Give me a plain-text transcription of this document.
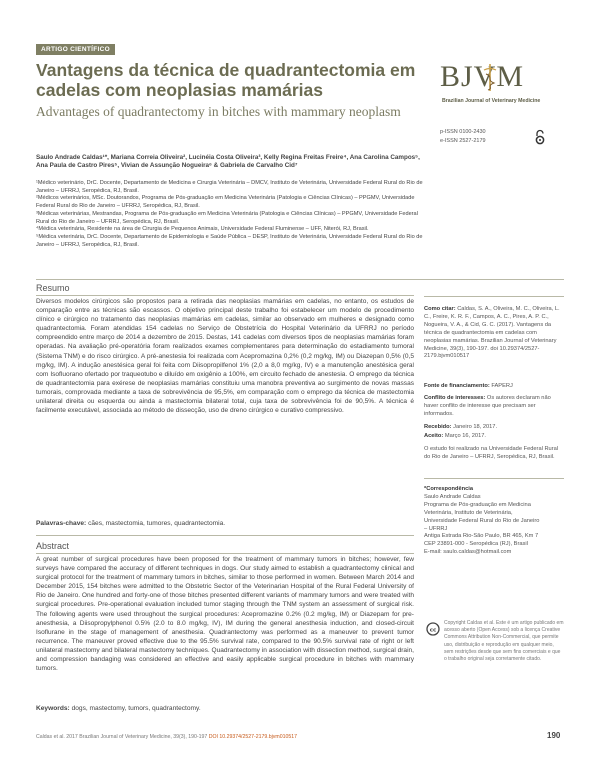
ARTIGO CIENTÍFICO
Vantagens da técnica de quadrantectomia em cadelas com neoplasias mamárias
Advantages of quadrantectomy in bitches with mammary neoplasm
BJVM
Brazilian Journal of Veterinary Medicine
p-ISSN 0100-2430
e-ISSN 2527-2179
Saulo Andrade Caldas¹*, Mariana Correia Oliveira², Lucinéia Costa Oliveira³, Kelly Regina Freitas Freire⁴, Ana Carolina Campos⁵, Ana Paula de Castro Pires⁵, Vivian de Assunção Nogueira⁶ & Gabriela de Carvalho Cid⁷

¹Médico veterinário, DrC. Docente, Departamento de Medicina e Cirurgia Veterinária – DMCV, Instituto de Veterinária, Universidade Federal Rural do Rio de Janeiro – UFRRJ, Seropédica, RJ, Brasil.

²Médicos veterinários, MSc. Doutorandos, Programa de Pós-graduação em Medicina Veterinária (Patologia e Ciências Clínicas) – PPGMV, Universidade Federal Rural do Rio de Janeiro – UFRRJ, Seropédica, RJ, Brasil.

³Médicas veterinárias, Mestrandas, Programa de Pós-graduação em Medicina Veterinária (Patologia e Ciências Clínicas) – PPGMV, Universidade Federal Rural do Rio de Janeiro – UFRRJ, Seropédica, RJ, Brasil.

⁴Médica veterinária, Residente na área de Cirurgia de Pequenos Animais, Universidade Federal Fluminense – UFF, Niterói, RJ, Brasil.

⁵Médica veterinária, DrC. Docente, Departamento de Epidemiologia e Saúde Pública – DESP, Instituto de Veterinária, Universidade Federal Rural do Rio de Janeiro – UFRRJ, Seropédica, RJ, Brasil.

Resumo
Diversos modelos cirúrgicos são propostos para a retirada das neoplasias mamárias em cadelas, no entanto, os estudos de comparação entre as técnicas são escassos. O objetivo principal deste trabalho foi estabelecer um modelo de procedimento clínico e cirúrgico no tratamento das neoplasias mamárias em cadelas, similar ao observado em mulheres e designado como quadrantectomia. Foram atendidas 154 cadelas no Serviço de Obstetrícia do Hospital Veterinário da UFRRJ no período compreendido entre março de 2014 a dezembro de 2015. Destas, 141 cadelas com diversos tipos de neoplasias mamárias foram operadas. Na avaliação pré-operatória foram realizados exames complementares para determinação do estadiamento tumoral (Sistema TNM) e do risco cirúrgico. A pré-anestesia foi realizada com Acepromazina 0,2% (0,2 mg/kg, IM) ou Diazepan 0,5% (0,5 mg/kg, IM). A indução anestésica geral foi feita com Diisopropilfenol 1% (2,0 a 8,0 mg/kg, IV) e a manutenção anestésica geral com Isofluorano ofertado por traqueotubo e diluído em oxigênio a 100%, em circuito fechado de anestesia. O emprego da técnica de quadrantectomia para exérese de neoplasias mamárias constituiu uma manobra preventiva ao surgimento de novas massas tumorais, comprovada mediante a taxa de sobrevivência de 95,5%, em comparação com o emprego da técnica de mastectomia unilateral direita ou esquerda ou ainda a mastectomia bilateral total, cuja taxa de sobrevivência foi de 90,5%. A técnica é facilmente executável, associada ao método de dissecção, uso de dreno cirúrgico e curativo compressivo.
Palavras-chave: cães, mastectomia, tumores, quadrantectomia.
Abstract
A great number of surgical procedures have been proposed for the treatment of mammary tumors in bitches; however, few surveys have compared the accuracy of different techniques in dogs. Our study aimed to establish a quadrantectomy clinical and surgical protocol for the treatment of mammary tumors in bitches, similar to those performed in women. Between March 2014 and December 2015, 154 bitches were admitted to the Obstetric Sector of the Veterinarian Hospital of the Rural Federal University of Rio de Janeiro. One hundred and forty-one of those bitches presented different variants of mammary tumors and were treated with surgical procedures. Pre-operational evaluation included tumor staging through the TNM system an assessment of surgical risk. The following agents were used throughout the surgical procedures: Acepromazine 0.2% (0.2 mg/kg, IM) or Diazepam for pre-anesthesia, a Diisopropylphenol 0.5% (2.0 to 8.0 mg/kg, IV), IM during the general anesthesia induction, and closed-circuit Isoflurane in the stage of management of anesthesia. Quadrantectomy was performed as a maneuver to prevent tumor recurrence. The maneuver proved effective due to the 95.5% survival rate, compared to the 90.5% survival rate of right or left unilateral mastectomy and bilateral mastectomy techniques. Quadrantectomy in association with dissection method, surgical drain, and compression bandaging was considered an effective and easily applicable surgical procedure in bitches with mammary tumors.
Keywords: dogs, mastectomy, tumors, quadrantectomy.
Como citar: Caldas, S. A., Oliveira, M. C., Oliveira, L. C., Freire, K. R. F., Campos, A. C., Pires, A. P. C., Nogueira, V. A., & Cid, G. C. (2017). Vantagens da técnica de quadrantectomia em cadelas com neoplasias mamárias. Brazilian Journal of Veterinary Medicine, 39(3), 190-197. doi 10.29374/2527-2179.bjvm010517
Fonte de financiamento: FAPERJ
Conflito de interesses: Os autores declaram não haver conflito de interesse que precisam ser informados.
Recebido: Janeiro 18, 2017.
Aceito: Março 16, 2017.
O estudo foi realizado na Universidade Federal Rural do Rio de Janeiro – UFRRJ, Seropédica, RJ, Brasil.
*Correspondência
Saulo Andrade Caldas
Programa de Pós-graduação em Medicina
Veterinária, Instituto de Veterinária,
Universidade Federal Rural do Rio de Janeiro
– UFRRJ
Antiga Estrada Rio-São Paulo, BR 465, Km 7
CEP 23891-000 - Seropédica (RJ), Brasil
E-mail: saulo.caldas@hotmail.com
cc
Copyright Caldas et al. Este é um artigo publicado em acesso aberto (Open Access) sob a licença Creative Commons Attribution Non-Commercial, que permite uso, distribuição e reprodução em qualquer meio, sem restrições desde que sem fins comerciais e que o trabalho original seja corretamente citado.
Caldas et al. 2017 Brazilian Journal of Veterinary Medicine, 39(3), 190-197 DOI 10.29374/2527-2179.bjvm010517	190
